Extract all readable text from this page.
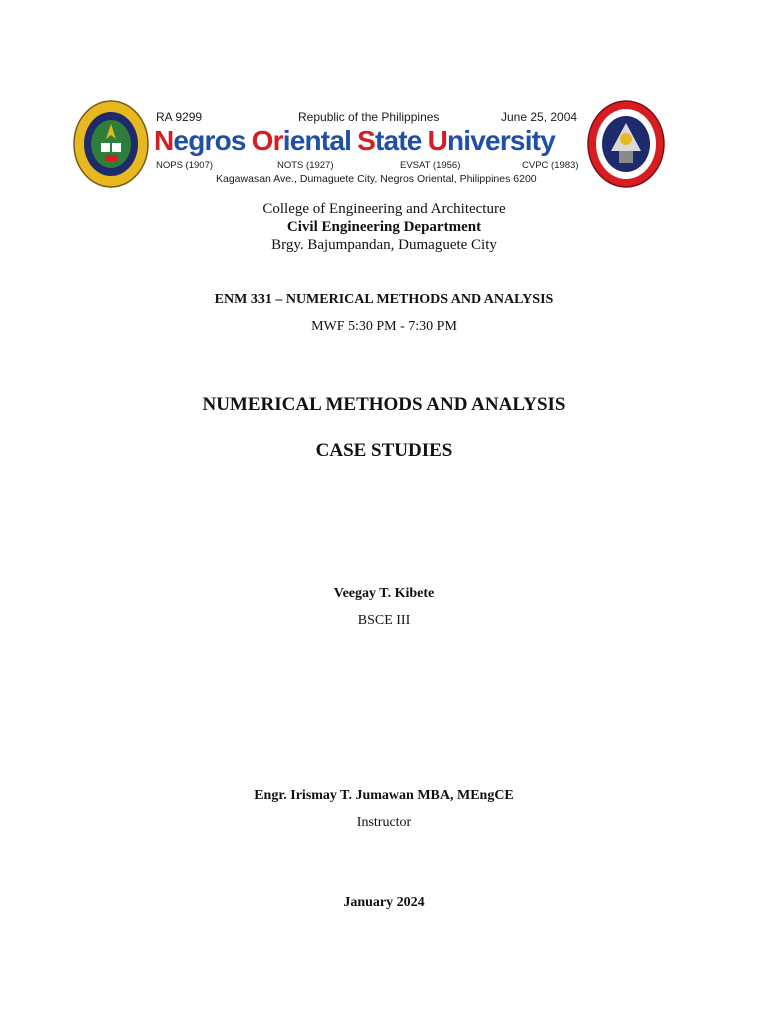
RA 9299	Republic of the Philippines	June 25, 2004
Negros Oriental State University
NOPS (1907)	NOTS (1927)	EVSAT (1956)	CVPC (1983)
Kagawasan Ave., Dumaguete City, Negros Oriental, Philippines 6200
College of Engineering and Architecture
Civil Engineering Department
Brgy. Bajumpandan, Dumaguete City
ENM 331 – NUMERICAL METHODS AND ANALYSIS
MWF 5:30 PM - 7:30 PM
NUMERICAL METHODS AND ANALYSIS
CASE STUDIES
Veegay T. Kibete
BSCE III
Engr. Irismay T. Jumawan MBA, MEngCE
Instructor
January 2024
